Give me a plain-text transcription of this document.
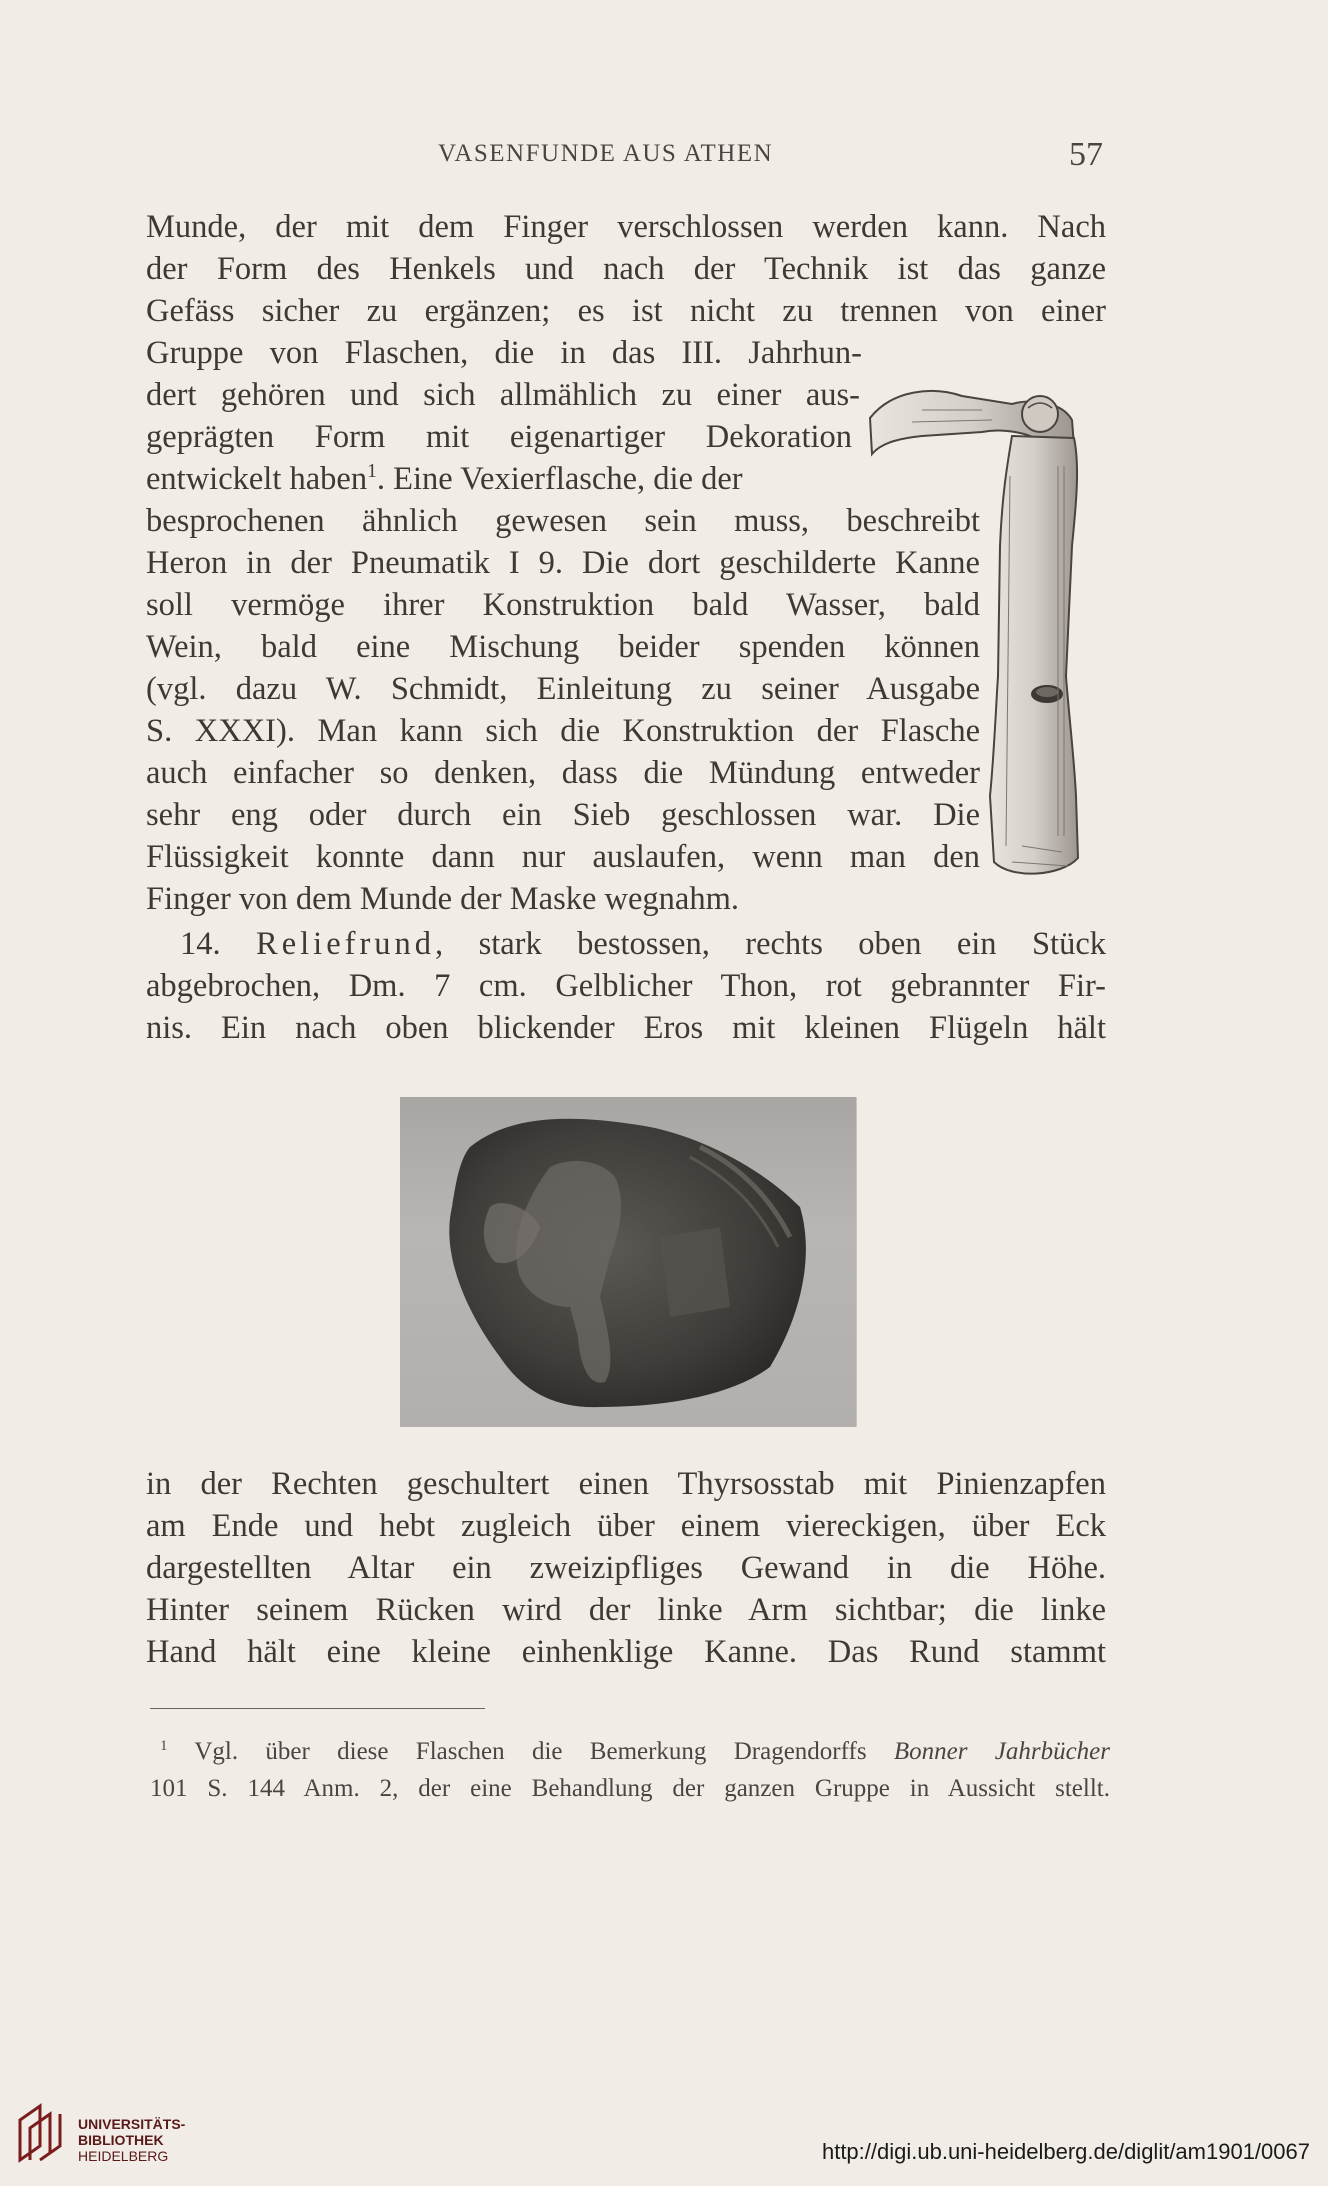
VASENFUNDE AUS ATHEN	57
Munde, der mit dem Finger verschlossen werden kann. Nach
der Form des Henkels und nach der Technik ist das ganze
Gefäss sicher zu ergänzen; es ist nicht zu trennen von einer
Gruppe von Flaschen, die in das III. Jahrhun-
dert gehören und sich allmählich zu einer aus-
geprägten Form mit eigenartiger Dekoration
entwickelt haben$^1$. Eine Vexierflasche, die der
besprochenen ähnlich gewesen sein muss, beschreibt
Heron in der Pneumatik I 9. Die dort geschilderte Kanne
soll vermöge ihrer Konstruktion bald Wasser, bald
Wein, bald eine Mischung beider spenden können
(vgl. dazu W. Schmidt, Einleitung zu seiner Ausgabe
S. XXXI). Man kann sich die Konstruktion der Flasche
auch einfacher so denken, dass die Mündung entweder
sehr eng oder durch ein Sieb geschlossen war. Die
Flüssigkeit konnte dann nur auslaufen, wenn man den
Finger von dem Munde der Maske wegnahm.
14. Reliefrund, stark bestossen, rechts oben ein Stück
abgebrochen, Dm. 7 cm. Gelblicher Thon, rot gebrannter Fir-
nis. Ein nach oben blickender Eros mit kleinen Flügeln hält
in der Rechten geschultert einen Thyrsosstab mit Pinienzapfen
am Ende und hebt zugleich über einem viereckigen, über Eck
dargestellten Altar ein zweizipfliges Gewand in die Höhe.
Hinter seinem Rücken wird der linke Arm sichtbar; die linke
Hand hält eine kleine einhenklige Kanne. Das Rund stammt
$^1$ Vgl. über diese Flaschen die Bemerkung Dragendorffs Bonner Jahrbücher
101 S. 144 Anm. 2, der eine Behandlung der ganzen Gruppe in Aussicht stellt.
UNIVERSITÄTS-
BIBLIOTHEK
HEIDELBERG	http://digi.ub.uni-heidelberg.de/diglit/am1901/0067
